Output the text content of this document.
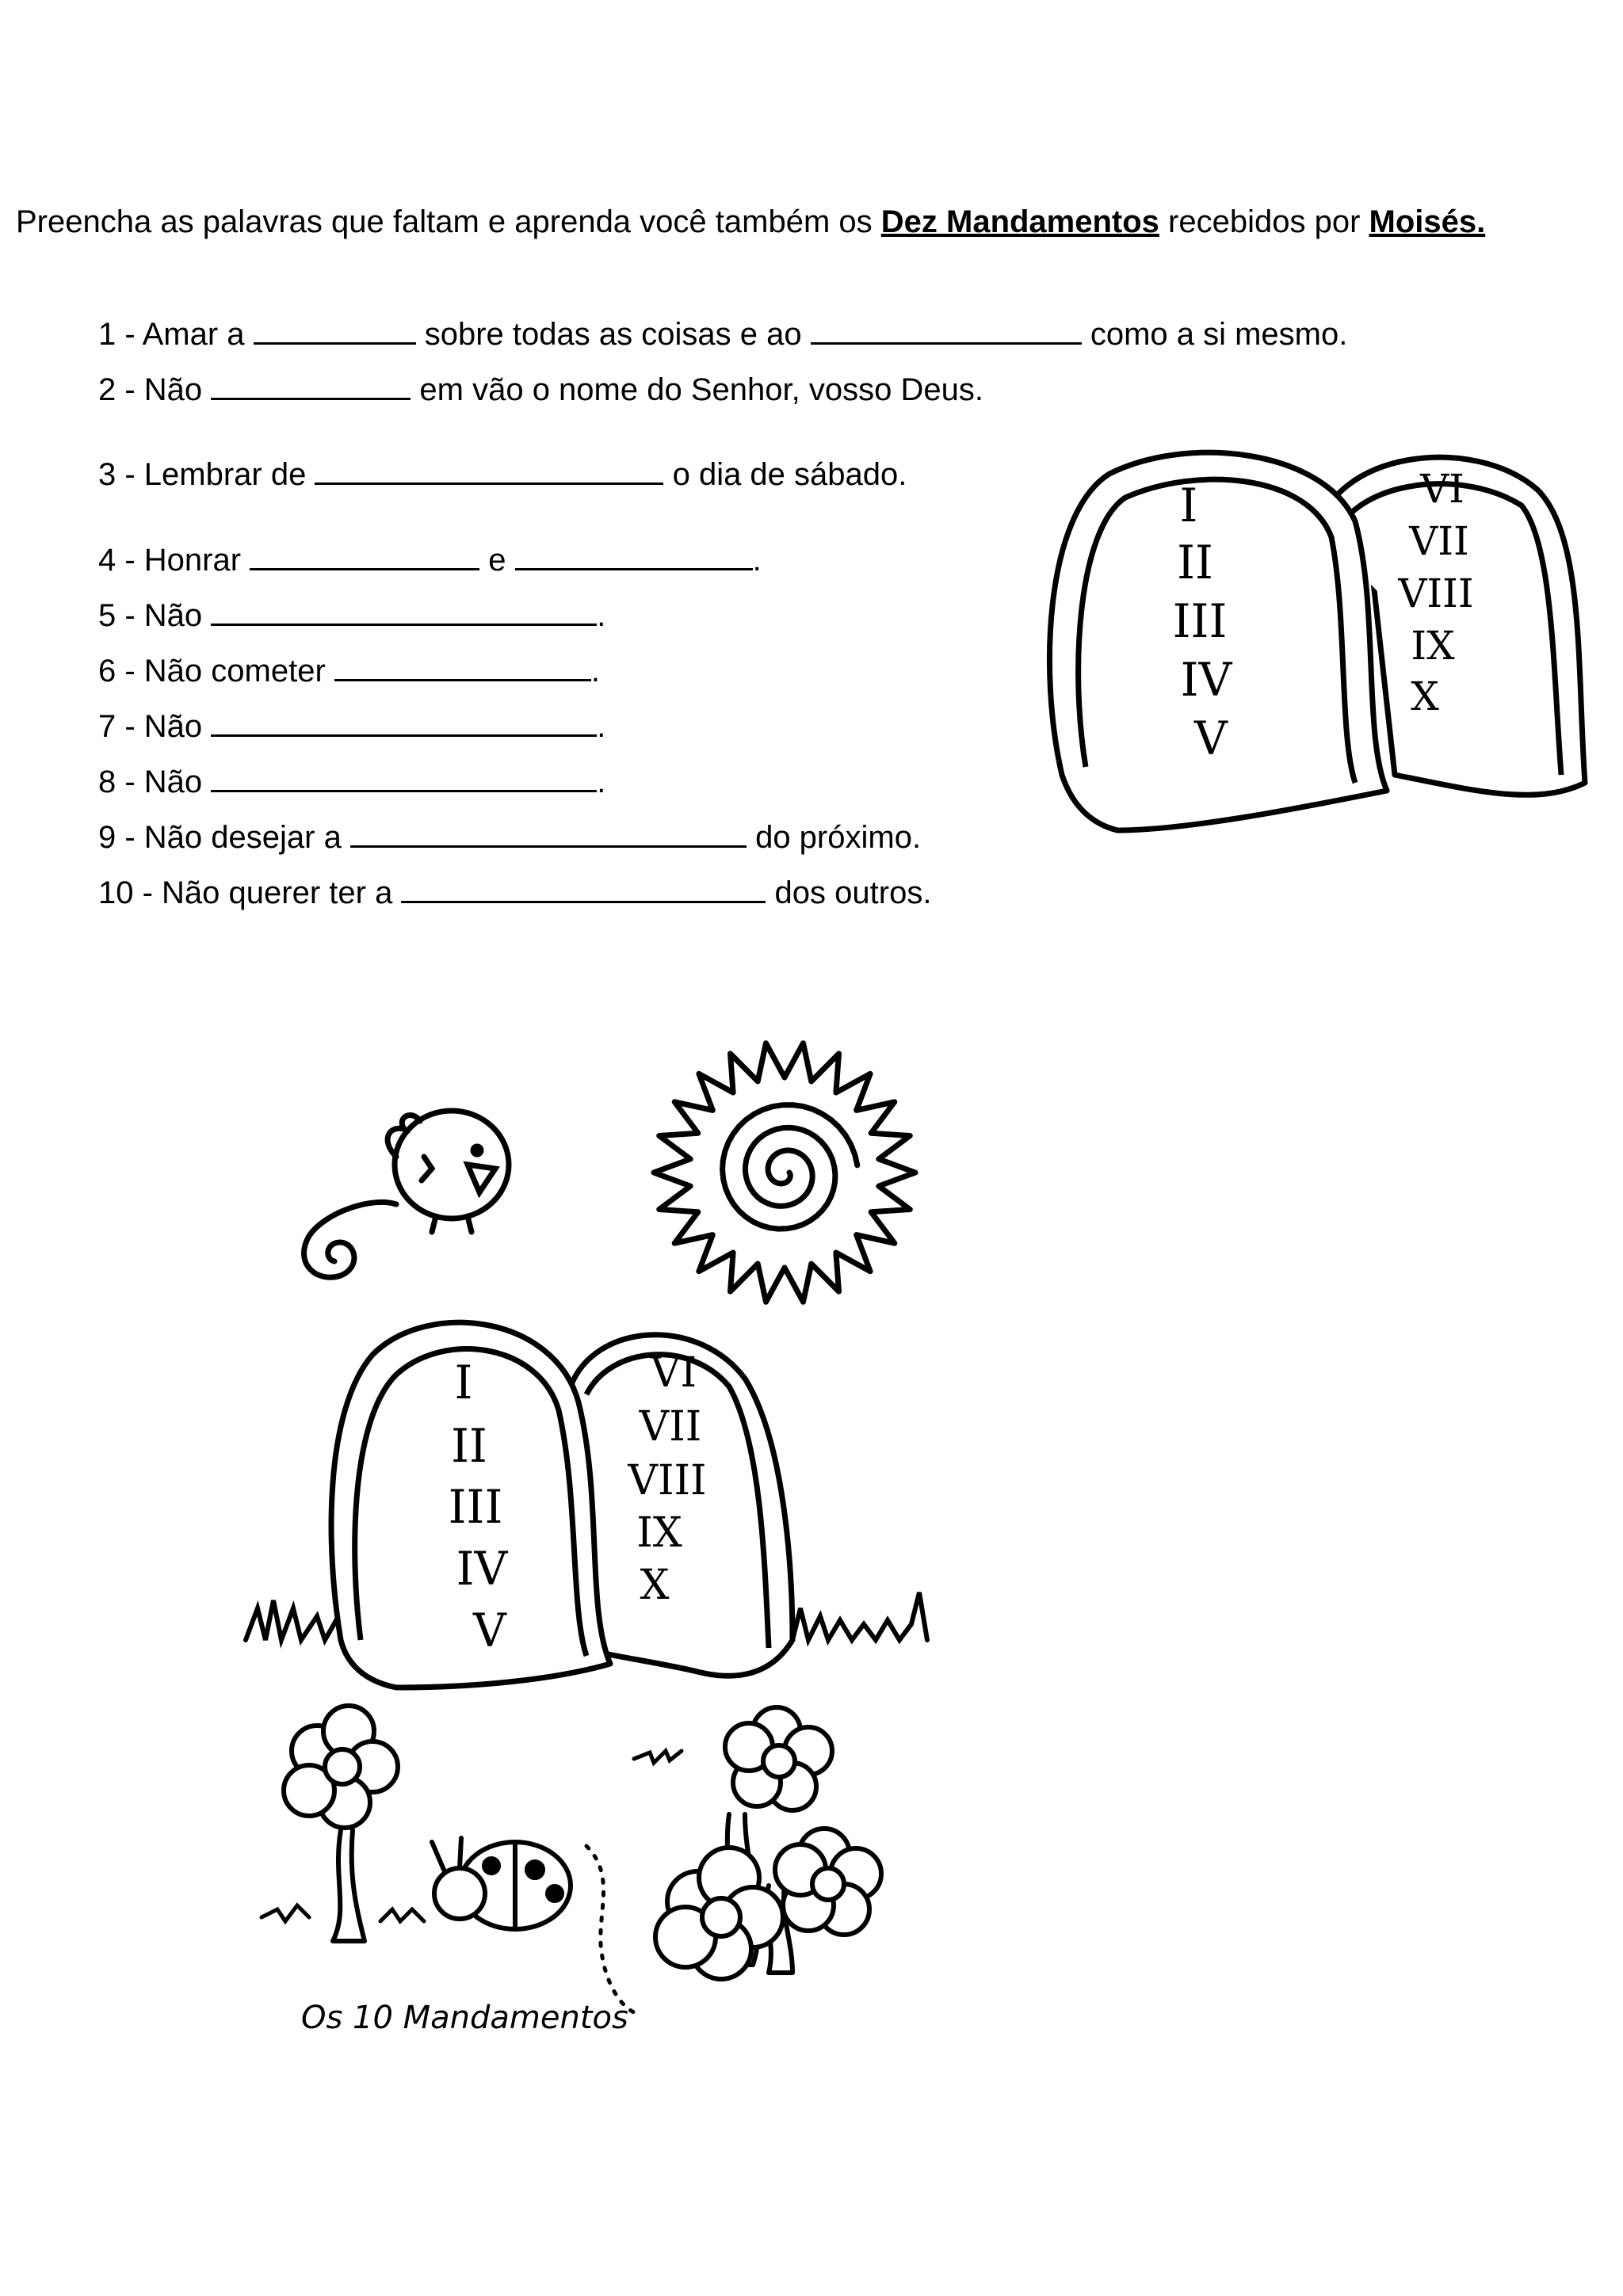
Preencha as palavras que faltam e aprenda você também os Dez Mandamentos recebidos por Moisés.
1 - Amar a	sobre todas as coisas e ao	como a si mesmo.
2 - Não	em vão o nome do Senhor, vosso Deus.
3 - Lembrar de	o dia de sábado.
4 - Honrar	e	.
5 - Não	.
6 - Não cometer	.
7 - Não	.
8 - Não	.
9 - Não desejar a	do próximo.
10 - Não querer ter a	dos outros.
I
II
III
IV
V
VI
VII
VIII
IX
X
I
II
III
IV
V
VI
VII
VIII
IX
X
Os 10 Mandamentos
